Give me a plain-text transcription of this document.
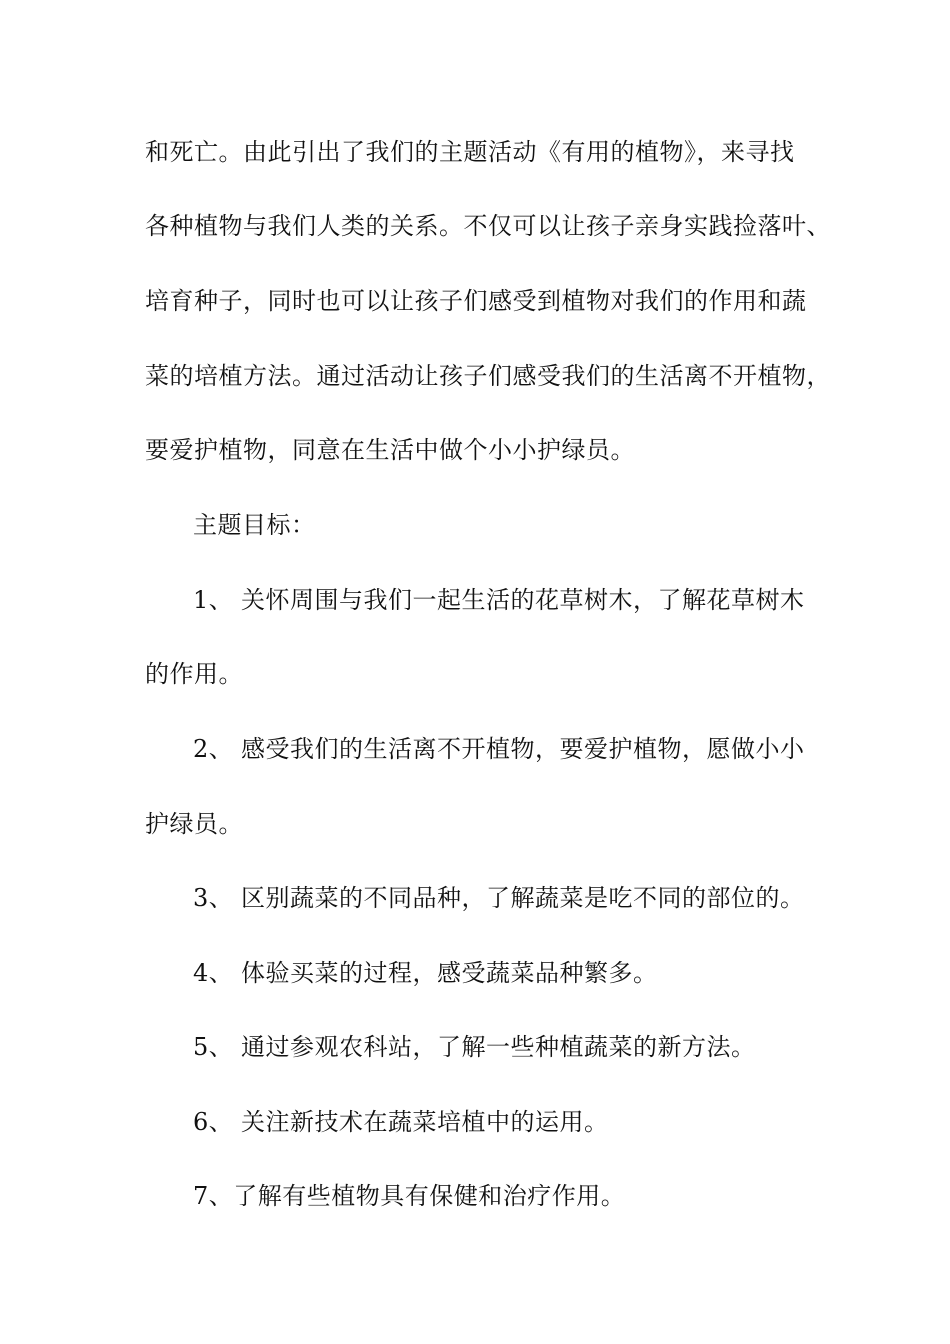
和死亡。由此引出了我们的主题活动《有用的植物》，来寻找
各种植物与我们人类的关系。不仅可以让孩子亲身实践捡落叶、
培育种子，同时也可以让孩子们感受到植物对我们的作用和蔬
菜的培植方法。通过活动让孩子们感受我们的生活离不开植物，
要爱护植物，同意在生活中做个小小护绿员。
主题目标：
1、 关怀周围与我们一起生活的花草树木，了解花草树木
的作用。
2、 感受我们的生活离不开植物，要爱护植物，愿做小小
护绿员。
3、 区别蔬菜的不同品种，了解蔬菜是吃不同的部位的。
4、 体验买菜的过程，感受蔬菜品种繁多。
5、 通过参观农科站，了解一些种植蔬菜的新方法。
6、 关注新技术在蔬菜培植中的运用。
7、了解有些植物具有保健和治疗作用。
